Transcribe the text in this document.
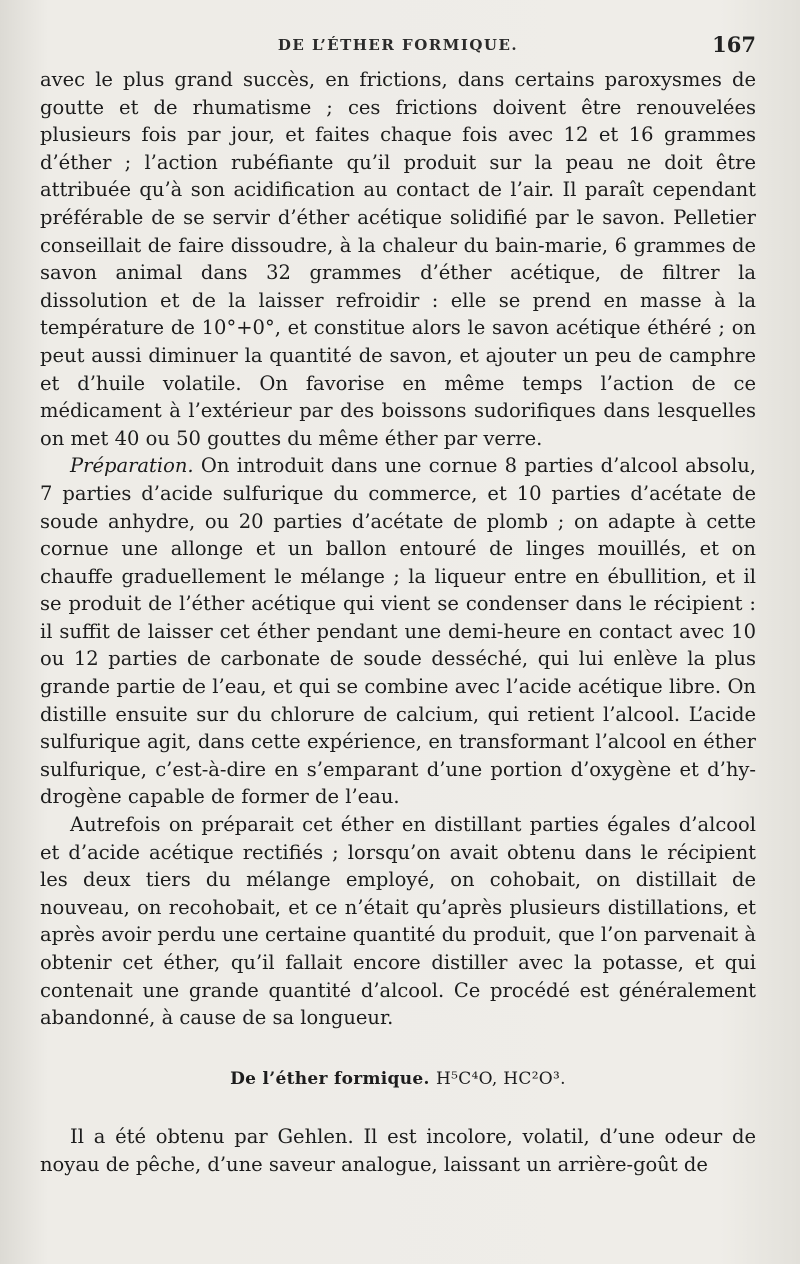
DE L’ÉTHER FORMIQUE.	167

avec le plus grand succès, en frictions, dans certains paroxysmes de goutte et de rhumatisme ; ces frictions doivent être renouvelées plusieurs fois par jour, et faites chaque fois avec 12 et 16 grammes d’éther ; l’action rubéfiante qu’il produit sur la peau ne doit être attribuée qu’à son acidification au contact de l’air. Il paraît cependant préférable de se servir d’éther acétique solidifié par le savon. Pelletier conseillait de faire dissoudre, à la chaleur du bain-marie, 6 grammes de savon animal dans 32 grammes d’éther acétique, de filtrer la dissolution et de la laisser refroidir : elle se prend en masse à la température de 10°+0°, et constitue alors le savon acétique éthéré ; on peut aussi diminuer la quantité de savon, et ajouter un peu de camphre et d’huile volatile. On favorise en même temps l’action de ce médicament à l’extérieur par des boissons sudorifiques dans lesquelles on met 40 ou 50 gouttes du même éther par verre.

Préparation. On introduit dans une cornue 8 parties d’alcool absolu, 7 parties d’acide sulfurique du commerce, et 10 parties d’acétate de soude anhydre, ou 20 parties d’acétate de plomb ; on adapte à cette cornue une allonge et un ballon entouré de linges mouillés, et on chauffe graduellement le mélange ; la liqueur entre en ébullition, et il se produit de l’éther acétique qui vient se condenser dans le récipient : il suffit de laisser cet éther pendant une demi-heure en contact avec 10 ou 12 parties de carbonate de soude desséché, qui lui enlève la plus grande partie de l’eau, et qui se combine avec l’acide acétique libre. On distille ensuite sur du chlorure de calcium, qui retient l’alcool. L’acide sulfurique agit, dans cette expérience, en transformant l’alcool en éther sulfurique, c’est-à-dire en s’emparant d’une portion d’oxygène et d’hydrogène capable de former de l’eau.

Autrefois on préparait cet éther en distillant parties égales d’alcool et d’acide acétique rectifiés ; lorsqu’on avait obtenu dans le récipient les deux tiers du mélange employé, on cohobait, on distillait de nouveau, on recohobait, et ce n’était qu’après plusieurs distillations, et après avoir perdu une certaine quantité du produit, que l’on parvenait à obtenir cet éther, qu’il fallait encore distiller avec la potasse, et qui contenait une grande quantité d’alcool. Ce procédé est généralement abandonné, à cause de sa longueur.

De l’éther formique. H⁵C⁴O, HC²O³.

Il a été obtenu par Gehlen. Il est incolore, volatil, d’une odeur de noyau de pêche, d’une saveur analogue, laissant un arrière-goût de
